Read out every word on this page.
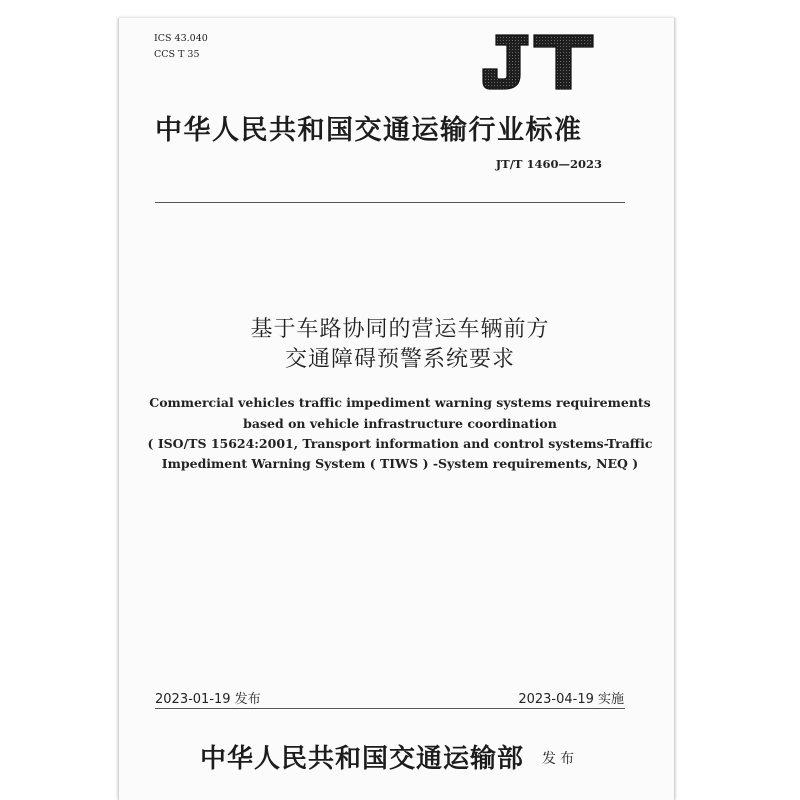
ICS 43.040
CCS T 35
中华人民共和国交通运输行业标准
JT/T 1460—2023
基于车路协同的营运车辆前方
交通障碍预警系统要求
Commercial vehicles traffic impediment warning systems requirements
based on vehicle infrastructure coordination
( ISO/TS 15624:2001, Transport information and control systems-Traffic
Impediment Warning System ( TIWS ) -System requirements, NEQ )
2023-01-19 发布	2023-04-19 实施
中华人民共和国交通运输部 发布
